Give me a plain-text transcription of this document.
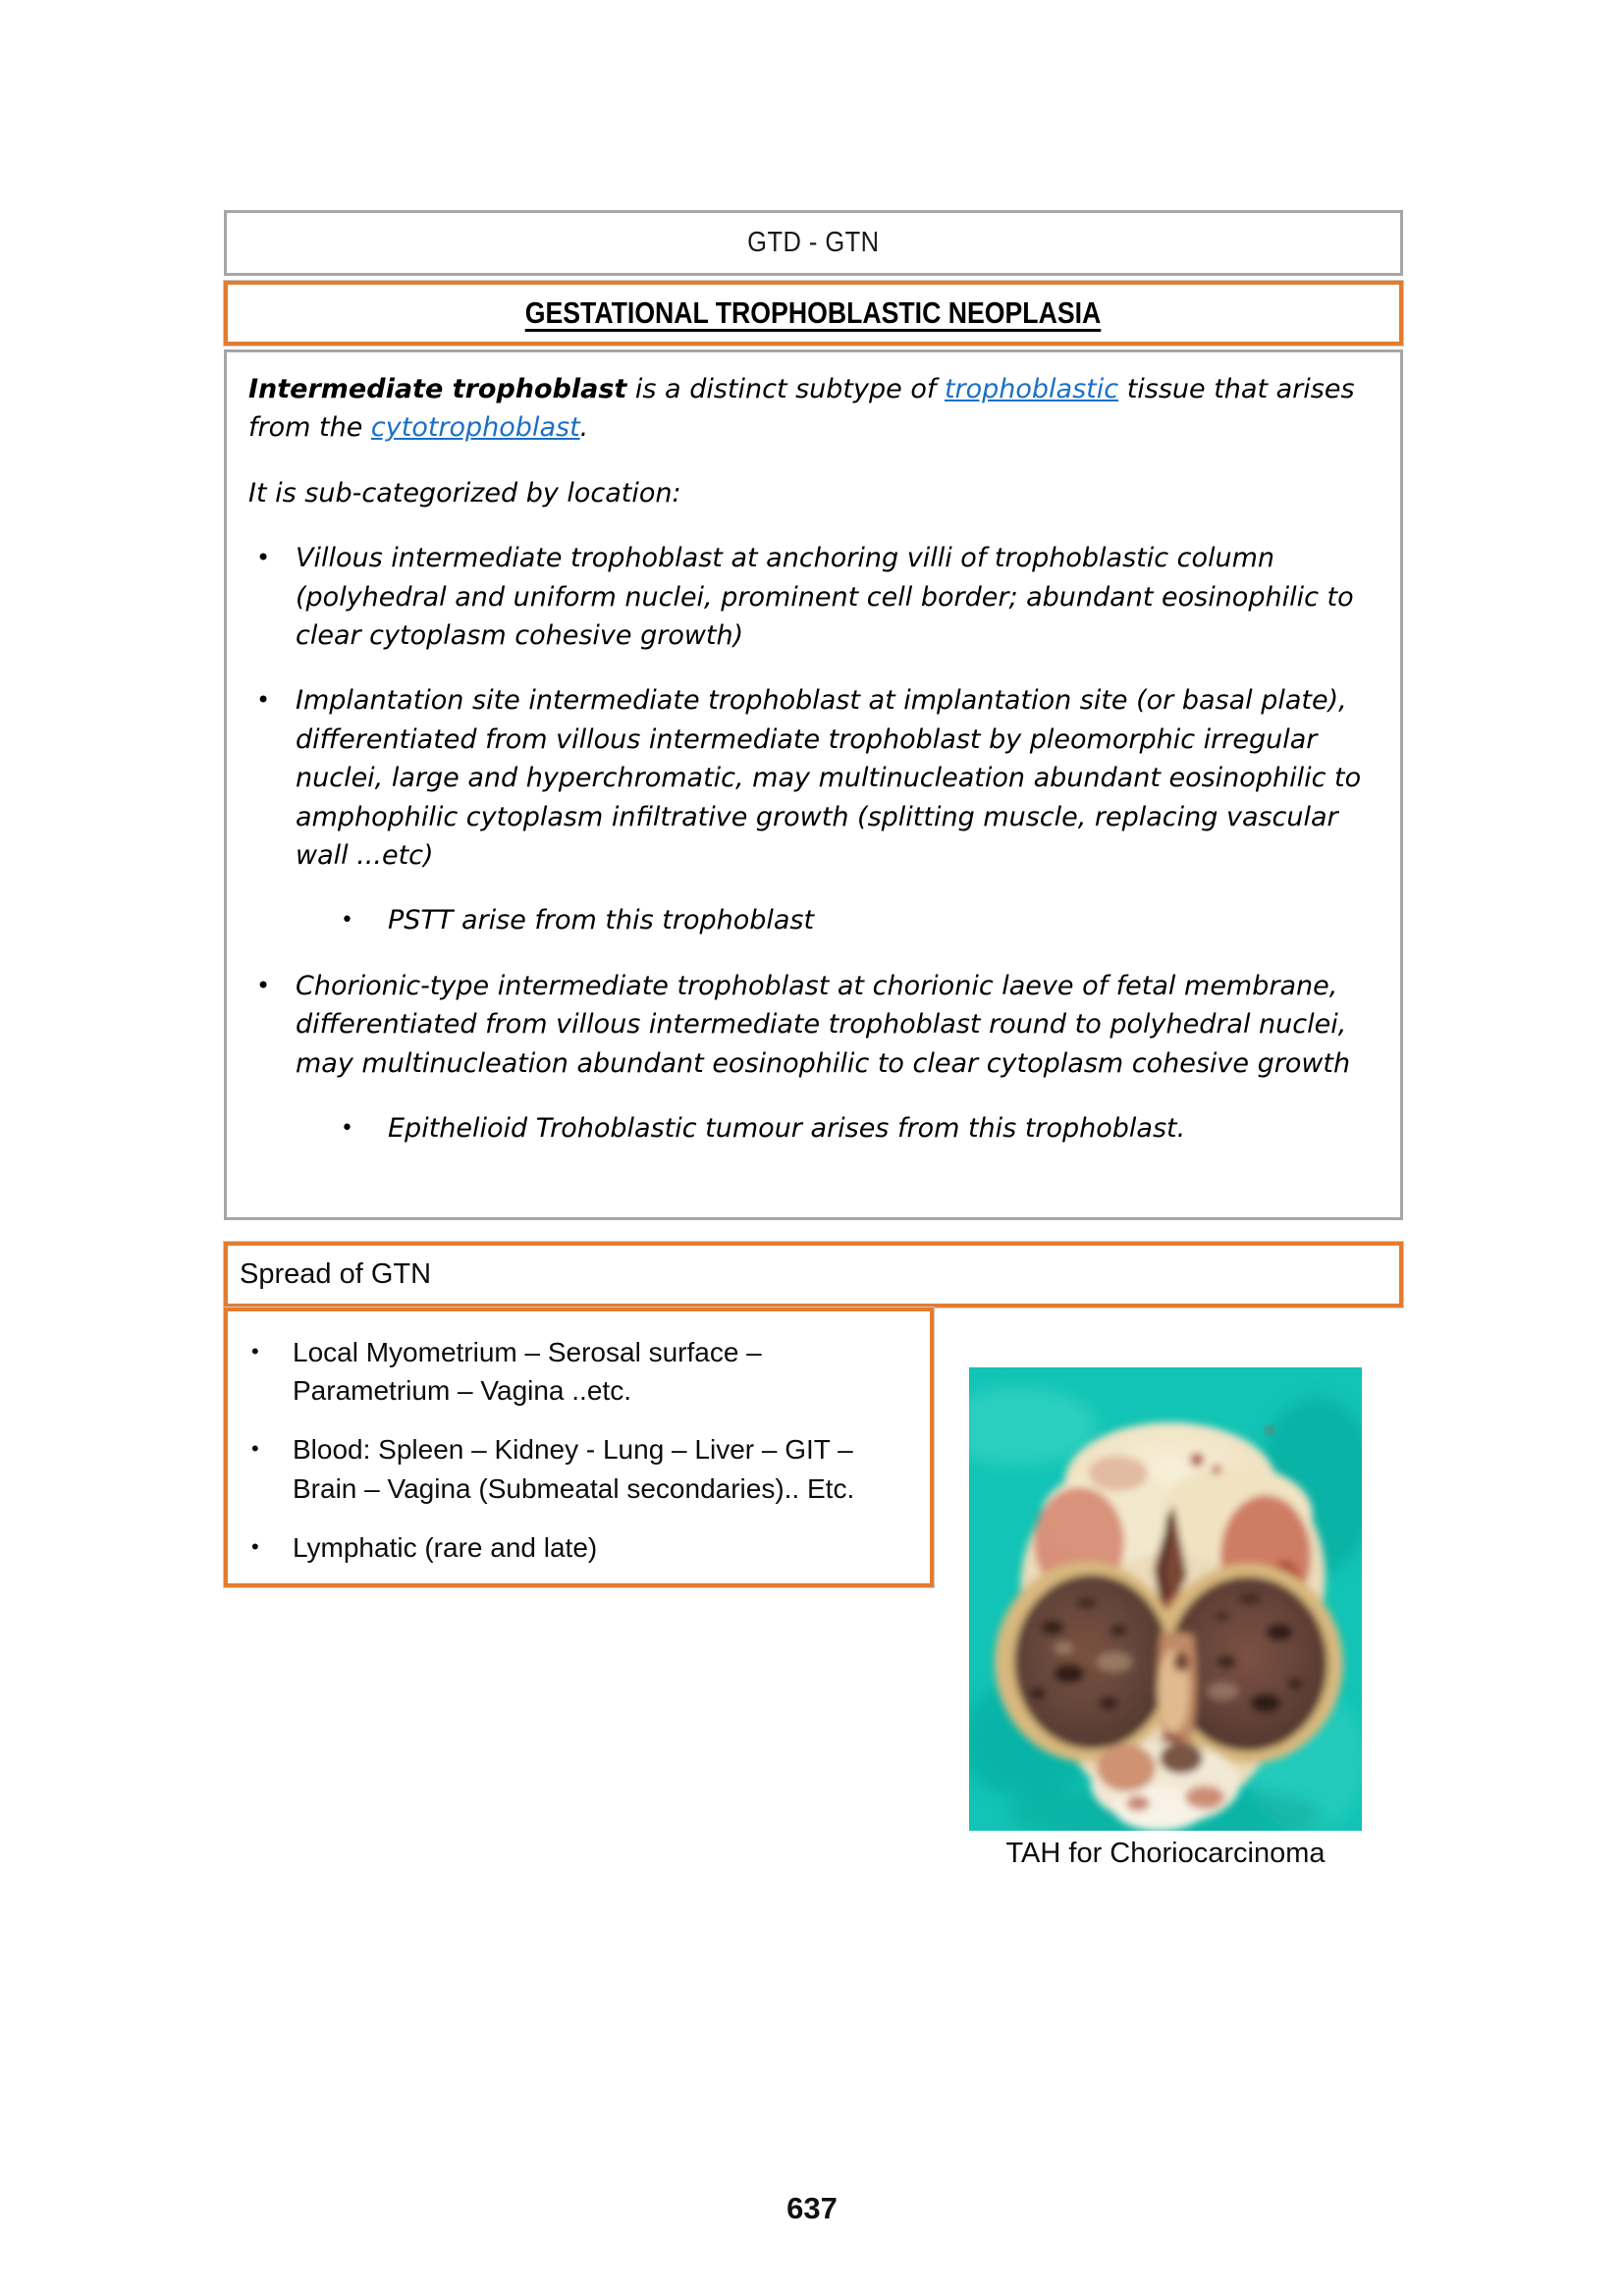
GTD - GTN
GESTATIONAL TROPHOBLASTIC NEOPLASIA

Intermediate trophoblast is a distinct subtype of trophoblastic tissue that arises from the cytotrophoblast.

It is sub-categorized by location:

• Villous intermediate trophoblast at anchoring villi of trophoblastic column (polyhedral and uniform nuclei, prominent cell border; abundant eosinophilic to clear cytoplasm cohesive growth)
• Implantation site intermediate trophoblast at implantation site (or basal plate), differentiated from villous intermediate trophoblast by pleomorphic irregular nuclei, large and hyperchromatic, may multinucleation abundant eosinophilic to amphophilic cytoplasm infiltrative growth (splitting muscle, replacing vascular wall ...etc)
•	PSTT arise from this trophoblast
• Chorionic-type intermediate trophoblast at chorionic laeve of fetal membrane, differentiated from villous intermediate trophoblast round to polyhedral nuclei, may multinucleation abundant eosinophilic to clear cytoplasm cohesive growth
•	Epithelioid Trohoblastic tumour arises from this trophoblast.
Spread of GTN
•	Local Myometrium – Serosal surface – Parametrium – Vagina ..etc.
•	Blood: Spleen – Kidney - Lung – Liver – GIT – Brain – Vagina (Submeatal secondaries).. Etc.
•	Lymphatic (rare and late)
TAH for Choriocarcinoma
637
